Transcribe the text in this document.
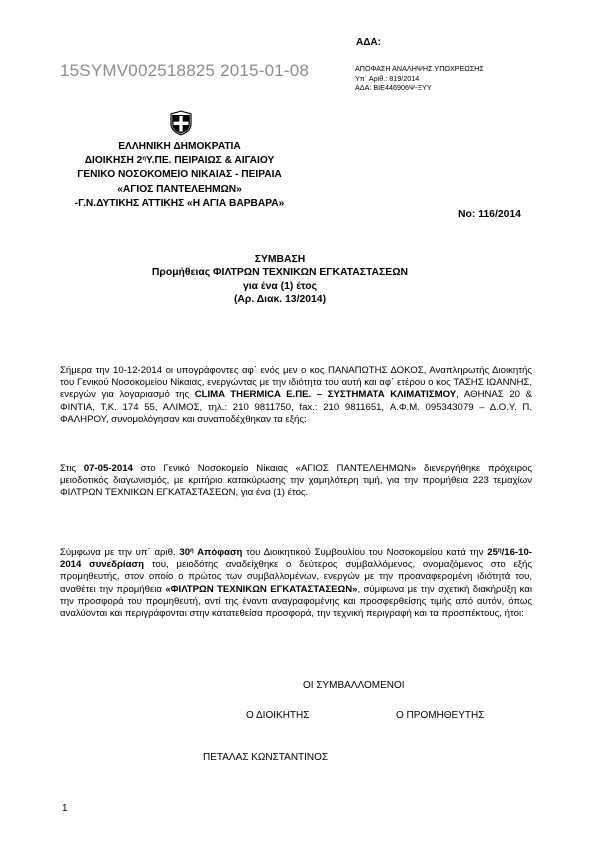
ΑΔΑ:
15SYMV002518825 2015-01-08	ΑΠΟΦΑΣΗ ΑΝΑΛΗΨΗΣ ΥΠΟΧΡΕΩΣΗΣ
Υπ΄ Αριθ.: 819/2014
ΑΔΑ: ΒΙΕ446906Ψ-ΞΥΥ
ΕΛΛΗΝΙΚΗ ΔΗΜΟΚΡΑΤΙΑ
ΔΙΟΙΚΗΣΗ $2^\eta\Upsilon.\Pi E$. ΠΕΙΡΑΙΩΣ & ΑΙΓΑΙΟΥ
ΓΕΝΙΚΟ ΝΟΣΟΚΟΜΕΙΟ ΝΙΚΑΙΑΣ - ΠΕΙΡΑΙΑ
«ΑΓΙΟΣ ΠΑΝΤΕΛΕΗΜΩΝ»
-Γ.Ν.ΔΥΤΙΚΗΣ ΑΤΤΙΚΗΣ «Η ΑΓΙΑ ΒΑΡΒΑΡΑ»
Νο: 116/2014
ΣΥΜΒΑΣΗ
Προμήθειας ΦΙΛΤΡΩΝ ΤΕΧΝΙΚΩΝ ΕΓΚΑΤΑΣΤΑΣΕΩΝ
για ένα (1) έτος
(Αρ. Διακ. 13/2014)
Σήμερα την 10-12-2014 οι υπογράφοντες αφ΄ ενός μεν ο κος ΠΑΝΑΠΩΤΗΣ ΔΟΚΟΣ, Αναπληρωτής Διοικητής του Γενικού Νοσοκομείου Νίκαιας, ενεργώντας με την ιδιότητα του αυτή και αφ΄ ετέρου ο κος ΤΑΣΗΣ ΙΩΑΝΝΗΣ, ενεργών για λογαριασμό της CLIMA THERMICA Ε.ΠΕ. – ΣΥΣΤΗΜΑΤΑ ΚΛΙΜΑΤΙΣΜΟΥ, ΑΘΗΝΑΣ 20 & ΦΙΝΤΙΑ, Τ.Κ. 174 55, ΑΛΙΜΟΣ, τηλ.: 210 9811750, fax.: 210 9811651, Α.Φ.Μ. 095343079 – Δ.Ο.Υ. Π. ΦΑΛΗΡΟΥ, συνομολόγησαν και συναποδέχθηκαν τα εξής:
Στις 07-05-2014 στο Γενικό Νοσοκομείο Νίκαιας «ΑΓΙΟΣ ΠΑΝΤΕΛΕΗΜΩΝ» διενεργήθηκε πρόχειρος μειοδοτικός διαγωνισμός, με κριτήριο κατακύρωσης την χαμηλότερη τιμή, για την προμήθεια 223 τεμαχίων ΦΙΛΤΡΩΝ ΤΕΧΝΙΚΩΝ ΕΓΚΑΤΑΣΤΑΣΕΩΝ, για ένα (1) έτος.
Σύμφωνα με την υπ΄ αριθ. $30^\eta$ Απόφαση του Διοικητικού Συμβουλίου του Νοσοκομείου κατά την $25^\eta/16-10-2014$ συνεδρίαση του, μειοδότης αναδείχθηκε ο δεύτερος συμβαλλόμενος, ονομαζόμενος στο εξής προμηθευτής, στον οποίο ο πρώτος των συμβαλλομένων, ενεργών με την προαναφερομένη ιδιότητά του, αναθέτει την προμήθεια «ΦΙΛΤΡΩΝ ΤΕΧΝΙΚΩΝ ΕΓΚΑΤΑΣΤΑΣΕΩΝ», σύμφωνα με την σχετική διακήρυξη και την προσφορά του προμηθευτή, αντί της έναντι αναγραφομένης και προσφερθείσης τιμής από αυτόν, όπως αναλύονται και περιγράφονται στην κατατεθείσα προσφορά, την τεχνική περιγραφή και τα προσπέκτους, ήτοι:
ΟΙ ΣΥΜΒΑΛΛΟΜΕΝΟΙ
Ο ΔΙΟΙΚΗΤΗΣ	Ο ΠΡΟΜΗΘΕΥΤΗΣ
ΠΕΤΑΛΑΣ ΚΩΝΣΤΑΝΤΙΝΟΣ
1
